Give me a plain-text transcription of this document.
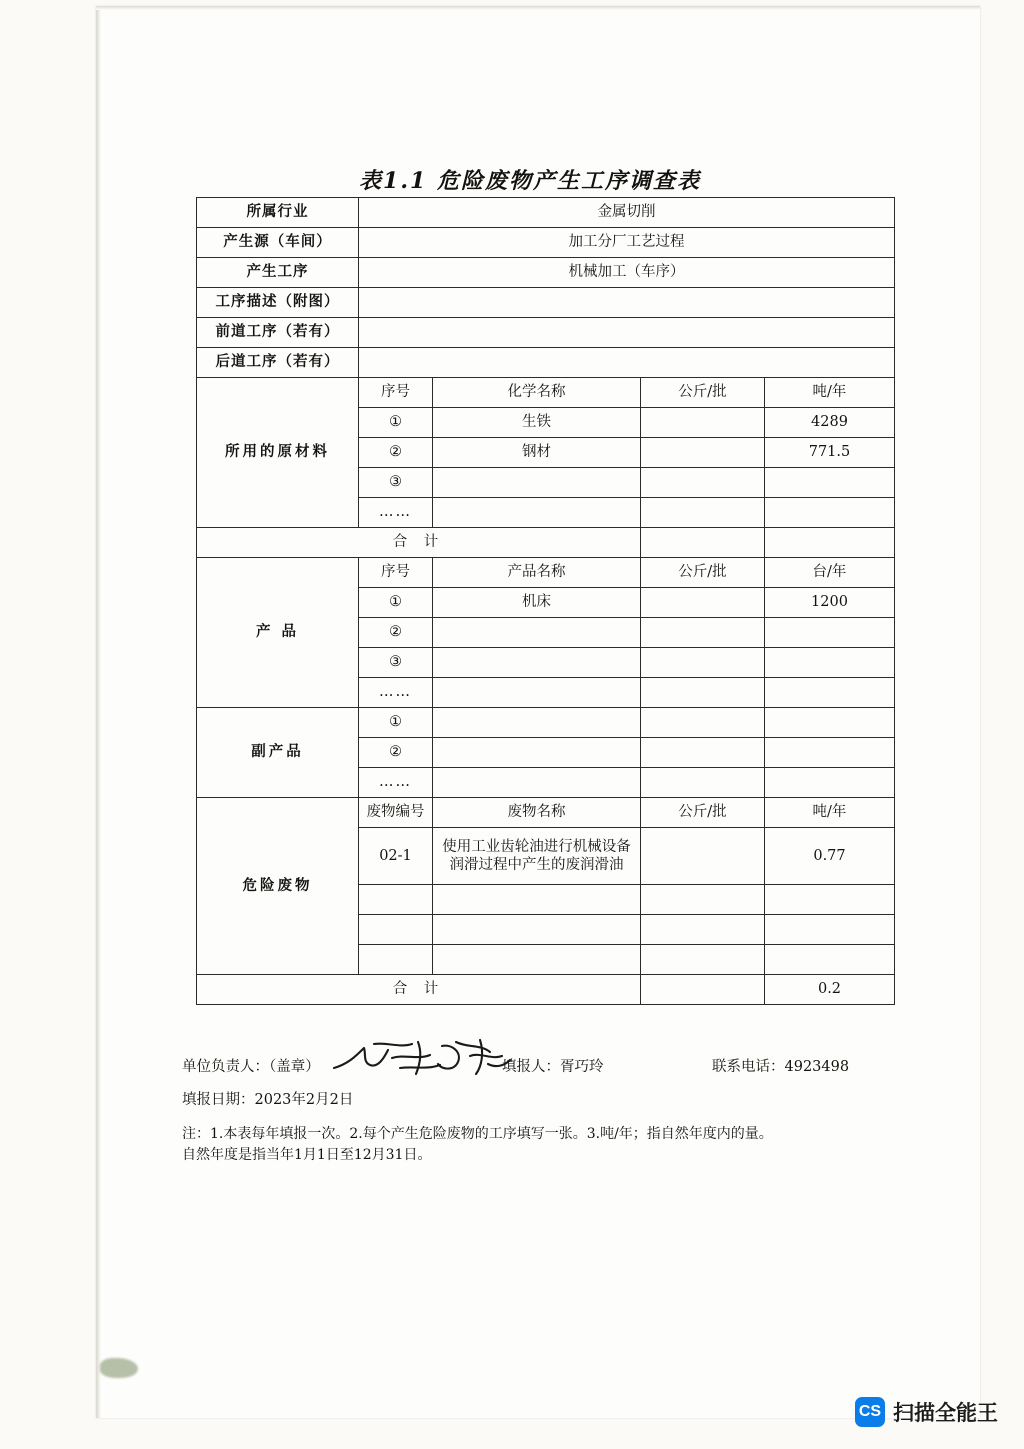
表1.1 危险废物产生工序调查表
所属行业	金属切削			
产生源（车间）	加工分厂工艺过程			
产生工序	机械加工（车序）			
工序描述（附图）				
前道工序（若有）				
后道工序（若有）				
所用的原材料	序号	化学名称	公斤/批	吨/年
	①	生铁		4289
	②	钢材		771.5
	③			
	……			
合 计				
产 品	序号	产品名称	公斤/批	台/年
	①	机床		1200
	②			
	③			
	……			
副产品	①			
	②			
	……			
危险废物	废物编号	废物名称	公斤/批	吨/年
	02-1	使用工业齿轮油进行机械设备润滑过程中产生的废润滑油		0.77

合 计				0.2
单位负责人：（盖章）	填报人：胥巧玲	联系电话：4923498
填报日期：2023年2月2日
注：1.本表每年填报一次。2.每个产生危险废物的工序填写一张。3.吨/年；指自然年度内的量。
自然年度是指当年1月1日至12月31日。
CS 扫描全能王
